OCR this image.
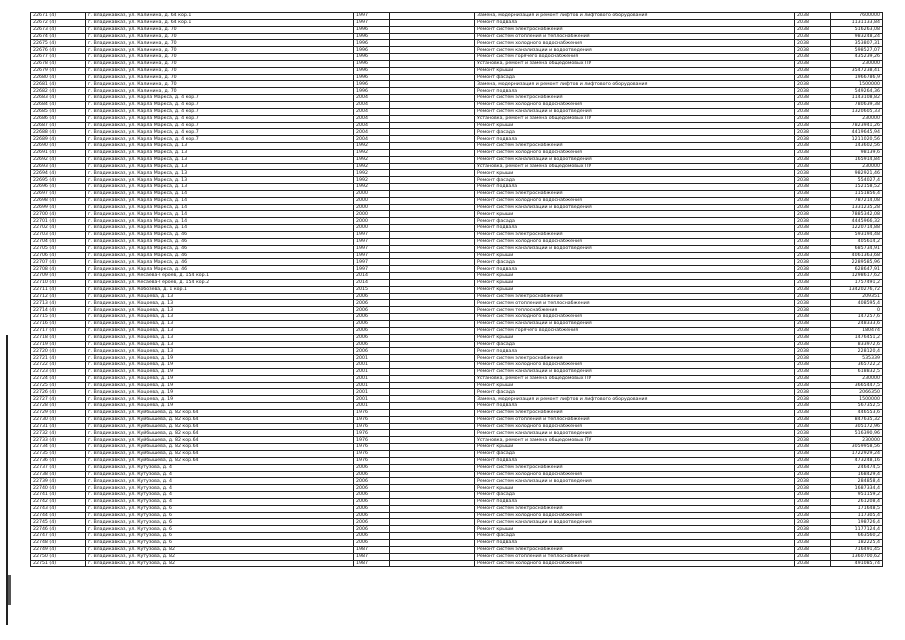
22671 (4)	г. Владикавказ, ул. Калинина, д. 64 кор.1	1997		Замена, модернизация и ремонт лифтов и лифтового оборудования	2038	7600000
22672 (4)	г. Владикавказ, ул. Калинина, д. 64 кор.1	1997		Ремонт подвала	2038	1131133,84
22673 (4)	г. Владикавказ, ул. Калинина, д. 70	1996		Ремонт систем электроснабжения	2038	516263,08
22674 (4)	г. Владикавказ, ул. Калинина, д. 70	1996		Ремонт систем отопления и теплоснабжения	2038	983248,24
22675 (4)	г. Владикавказ, ул. Калинина, д. 70	1996		Ремонт систем холодного водоснабжения	2038	353807,31
22676 (4)	г. Владикавказ, ул. Калинина, д. 70	1996		Ремонт систем канализации и водоотведения	2038	598527,07
22677 (4)	г. Владикавказ, ул. Калинина, д. 70	1996		Ремонт систем горячего водоснабжения	2038	435239,26
22678 (4)	г. Владикавказ, ул. Калинина, д. 70	1996		Установка, ремонт и замена общедомовых ПУ	2038	230000
22679 (4)	г. Владикавказ, ул. Калинина, д. 70	1996		Ремонт крыши	2038	3547238,41
22680 (4)	г. Владикавказ, ул. Калинина, д. 70	1996		Ремонт фасада	2038	1966786,9
22681 (4)	г. Владикавказ, ул. Калинина, д. 70	1996		Замена, модернизация и ремонт лифтов и лифтового оборудования	2038	1500000
22682 (4)	г. Владикавказ, ул. Калинина, д. 70	1996		Ремонт подвала	2038	549264,36
22683 (4)	г. Владикавказ, ул. Карла Маркса, д. 4 кор.7	2004		Ремонт систем электроснабжения	2038	1143108,82
22684 (4)	г. Владикавказ, ул. Карла Маркса, д. 4 кор.7	2004		Ремонт систем холодного водоснабжения	2038	780639,38
22685 (4)	г. Владикавказ, ул. Карла Маркса, д. 4 кор.7	2004		Ремонт систем канализации и водоотведения	2038	1320605,33
22686 (4)	г. Владикавказ, ул. Карла Маркса, д. 4 кор.7	2004		Установка, ремонт и замена общедомовых ПУ	2038	230000
22687 (4)	г. Владикавказ, ул. Карла Маркса, д. 4 кор.7	2004		Ремонт крыши	2038	7823941,26
22688 (4)	г. Владикавказ, ул. Карла Маркса, д. 4 кор.7	2004		Ремонт фасада	2038	4419645,94
22689 (4)	г. Владикавказ, ул. Карла Маркса, д. 4 кор.7	2004		Ремонт подвала	2038	1211020,56
22690 (4)	г. Владикавказ, ул. Карла Маркса, д. 13	1992		Ремонт систем электроснабжения	2038	143602,56
22691 (4)	г. Владикавказ, ул. Карла Маркса, д. 13	1992		Ремонт систем холодного водоснабжения	2038	98139,6
22692 (4)	г. Владикавказ, ул. Карла Маркса, д. 13	1992		Ремонт систем канализации и водоотведения	2038	165914,84
22693 (4)	г. Владикавказ, ул. Карла Маркса, д. 13	1992		Установка, ремонт и замена общедомовых ПУ	2038	230000
22694 (4)	г. Владикавказ, ул. Карла Маркса, д. 13	1992		Ремонт крыши	2038	982921,46
22695 (4)	г. Владикавказ, ул. Карла Маркса, д. 13	1992		Ремонт фасада	2038	554027,4
22696 (4)	г. Владикавказ, ул. Карла Маркса, д. 13	1992		Ремонт подвала	2038	152158,52
22697 (4)	г. Владикавказ, ул. Карла Маркса, д. 14	2000		Ремонт систем электроснабжения	2038	1151856,4
22698 (4)	г. Владикавказ, ул. Карла Маркса, д. 14	2000		Ремонт систем холодного водоснабжения	2038	787214,08
22699 (4)	г. Владикавказ, ул. Карла Маркса, д. 14	2000		Ремонт систем канализации и водоотведения	2038	1331235,28
22700 (4)	г. Владикавказ, ул. Карла Маркса, д. 14	2000		Ремонт крыши	2038	7885342,08
22701 (4)	г. Владикавказ, ул. Карла Маркса, д. 14	2000		Ремонт фасада	2038	4445966,32
22702 (4)	г. Владикавказ, ул. Карла Маркса, д. 14	2000		Ремонт подвала	2038	1220714,88
22703 (4)	г. Владикавказ, ул. Карла Маркса, д. 46	1997		Ремонт систем электроснабжения	2038	593194,48
22704 (4)	г. Владикавказ, ул. Карла Маркса, д. 46	1997		Ремонт систем холодного водоснабжения	2038	405614,2
22705 (4)	г. Владикавказ, ул. Карла Маркса, д. 46	1997		Ремонт систем канализации и водоотведения	2038	685734,91
22706 (4)	г. Владикавказ, ул. Карла Маркса, д. 46	1997		Ремонт крыши	2038	4061363,68
22707 (4)	г. Владикавказ, ул. Карла Маркса, д. 46	1997		Ремонт фасада	2038	2289585,96
22708 (4)	г. Владикавказ, ул. Карла Маркса, д. 46	1997		Ремонт подвала	2038	628647,91
22709 (4)	г. Владикавказ, ул. Кесаева-Героев, д. 154 кор.1	2014		Ремонт крыши	2038	1298617,62
22710 (4)	г. Владикавказ, ул. Кесаева-Героев, д. 154 кор.2	2014		Ремонт крыши	2038	1757491,2
22711 (4)	г. Владикавказ, ул. Кобозева, д. 1 кор.1	2015		Ремонт крыши	2038	13420276,72
22712 (4)	г. Владикавказ, ул. Коцоева, д. 13	2006		Ремонт систем электроснабжения	2038	209351
22713 (4)	г. Владикавказ, ул. Коцоева, д. 13	2006		Ремонт систем отопления и теплоснабжения	2038	408595,4
22714 (4)	г. Владикавказ, ул. Коцоева, д. 13	2006		Ремонт систем теплоснабжения	2038	0
22715 (4)	г. Владикавказ, ул. Коцоева, д. 13	2006		Ремонт систем холодного водоснабжения	2038	147257,6
22716 (4)	г. Владикавказ, ул. Коцоева, д. 13	2006		Ремонт систем канализации и водоотведения	2038	248333,6
22717 (4)	г. Владикавказ, ул. Коцоева, д. 13	2006		Ремонт систем горячего водоснабжения	2038	180474
22718 (4)	г. Владикавказ, ул. Коцоева, д. 13	2006		Ремонт крыши	2038	1476451,2
22719 (4)	г. Владикавказ, ул. Коцоева, д. 13	2006		Ремонт фасада	2038	833972,6
22720 (4)	г. Владикавказ, ул. Коцоева, д. 13	2006		Ремонт подвала	2038	228120,4
22721 (4)	г. Владикавказ, ул. Коцоева, д. 19	2001		Ремонт систем электроснабжения	2038	535339
22722 (4)	г. Владикавказ, ул. Коцоева, д. 19	2001		Ремонт систем холодного водоснабжения	2038	365722,2
22723 (4)	г. Владикавказ, ул. Коцоева, д. 19	2001		Ремонт систем канализации и водоотведения	2038	618832,5
22724 (4)	г. Владикавказ, ул. Коцоева, д. 19	2001		Установка, ремонт и замена общедомовых ПУ	2038	230000
22725 (4)	г. Владикавказ, ул. Коцоева, д. 19	2001		Ремонт крыши	2038	3665447,5
22726 (4)	г. Владикавказ, ул. Коцоева, д. 19	2001		Ремонт фасада	2038	2066350
22727 (4)	г. Владикавказ, ул. Коцоева, д. 19	2001		Замена, модернизация и ремонт лифтов и лифтового оборудования	2038	1500000
22728 (4)	г. Владикавказ, ул. Коцоева, д. 19	2001		Ремонт подвала	2038	567352,5
22729 (4)	г. Владикавказ, ул. Куйбышева, д. 82 кор.64	1976		Ремонт систем электроснабжения	2038	446553,6
22730 (4)	г. Владикавказ, ул. Куйбышева, д. 82 кор.64	1976		Ремонт систем отопления и теплоснабжения	2038	847635,32
22731 (4)	г. Владикавказ, ул. Куйбышева, д. 82 кор.64	1976		Ремонт систем холодного водоснабжения	2038	305172,96
22732 (4)	г. Владикавказ, ул. Куйбышева, д. 82 кор.64	1976		Ремонт систем канализации и водоотведения	2038	516390,96
22733 (4)	г. Владикавказ, ул. Куйбышева, д. 82 кор.64	1976		Установка, ремонт и замена общедомовых ПУ	2038	230000
22734 (4)	г. Владикавказ, ул. Куйбышева, д. 82 кор.64	1976		Ремонт крыши	2038	3059958,56
22735 (4)	г. Владикавказ, ул. Куйбышева, д. 82 кор.64	1976		Ремонт фасада	2038	1722929,24
22736 (4)	г. Владикавказ, ул. Куйбышева, д. 82 кор.64	1976		Ремонт подвала	2038	473248,16
22737 (4)	г. Владикавказ, ул. Кутузова, д. 4	2006		Ремонт систем электроснабжения	2038	246474,5
22738 (4)	г. Владикавказ, ул. Кутузова, д. 4	2006		Ремонт систем холодного водоснабжения	2038	168429,4
22739 (4)	г. Владикавказ, ул. Кутузова, д. 4	2006		Ремонт систем канализации и водоотведения	2038	284858,4
22740 (4)	г. Владикавказ, ул. Кутузова, д. 4	2006		Ремонт крыши	2038	1687334,4
22741 (4)	г. Владикавказ, ул. Кутузова, д. 4	2006		Ремонт фасада	2038	951159,2
22742 (4)	г. Владикавказ, ул. Кутузова, д. 4	2006		Ремонт подвала	2038	261208,4
22743 (4)	г. Владикавказ, ул. Кутузова, д. 6	2006		Ремонт систем электроснабжения	2038	171648,5
22744 (4)	г. Владикавказ, ул. Кутузова, д. 6	2006		Ремонт систем холодного водоснабжения	2038	117305,4
22745 (4)	г. Владикавказ, ул. Кутузова, д. 6	2006		Ремонт систем канализации и водоотведения	2038	198726,4
22746 (4)	г. Владикавказ, ул. Кутузова, д. 6	2006		Ремонт крыши	2038	1177124,4
22747 (4)	г. Владикавказ, ул. Кутузова, д. 6	2006		Ремонт фасада	2038	663560,2
22748 (4)	г. Владикавказ, ул. Кутузова, д. 6	2006		Ремонт подвала	2038	182225,4
22749 (4)	г. Владикавказ, ул. Кутузова, д. 82	1987		Ремонт систем электроснабжения	2038	716491,45
22750 (4)	г. Владикавказ, ул. Кутузова, д. 82	1987		Ремонт систем отопления и теплоснабжения	2038	1360700,62
22751 (4)	г. Владикавказ, ул. Кутузова, д. 82	1987		Ремонт систем холодного водоснабжения	2038	491085,74
